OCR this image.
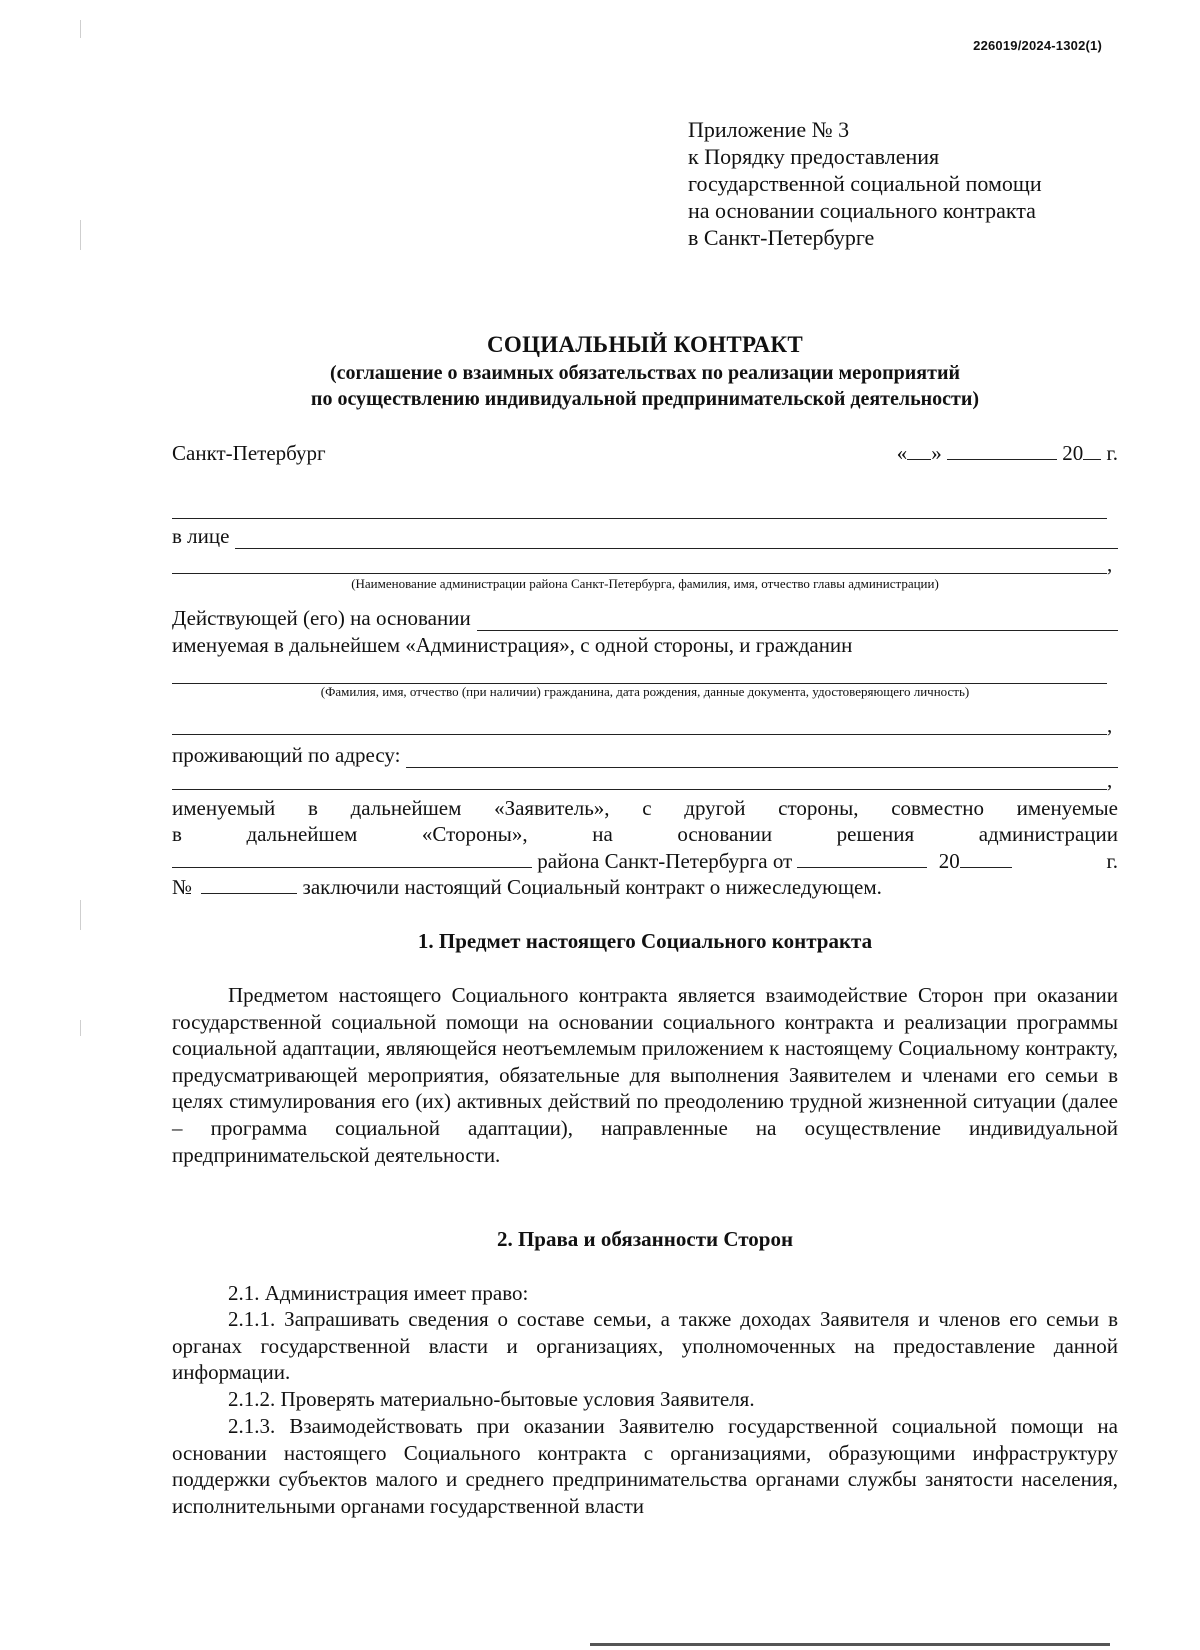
226019/2024-1302(1)
Приложение № 3
к Порядку предоставления
государственной социальной помощи
на основании социального контракта
в Санкт-Петербурге
СОЦИАЛЬНЫЙ КОНТРАКТ
(соглашение о взаимных обязательствах по реализации мероприятий
по осуществлению индивидуальной предпринимательской деятельности)
Санкт-Петербург	« »	20 г.
в лице
,
(Наименование администрации района Санкт-Петербурга, фамилия, имя, отчество главы администрации)
Действующей (его) на основании
именуемая в дальнейшем «Администрация», с одной стороны, и гражданин
(Фамилия, имя, отчество (при наличии) гражданина, дата рождения, данные документа, удостоверяющего личность)
,
проживающий по адресу:
,
именуемый в дальнейшем «Заявитель», с другой стороны, совместно именуемые
в дальнейшем «Стороны», на основании решения администрации
района Санкт-Петербурга от	20	г.
№	заключили настоящий Социальный контракт о нижеследующем.
1. Предмет настоящего Социального контракта
Предметом настоящего Социального контракта является взаимодействие Сторон при оказании государственной социальной помощи на основании социального контракта и реализации программы социальной адаптации, являющейся неотъемлемым приложением к настоящему Социальному контракту, предусматривающей мероприятия, обязательные для выполнения Заявителем и членами его семьи в целях стимулирования его (их) активных действий по преодолению трудной жизненной ситуации (далее – программа социальной адаптации), направленные на осуществление индивидуальной предпринимательской деятельности.
2. Права и обязанности Сторон
2.1. Администрация имеет право:
2.1.1. Запрашивать сведения о составе семьи, а также доходах Заявителя и членов его семьи в органах государственной власти и организациях, уполномоченных на предоставление данной информации.
2.1.2. Проверять материально-бытовые условия Заявителя.
2.1.3. Взаимодействовать при оказании Заявителю государственной социальной помощи на основании настоящего Социального контракта с организациями, образующими инфраструктуру поддержки субъектов малого и среднего предпринимательства органами службы занятости населения, исполнительными органами государственной власти
